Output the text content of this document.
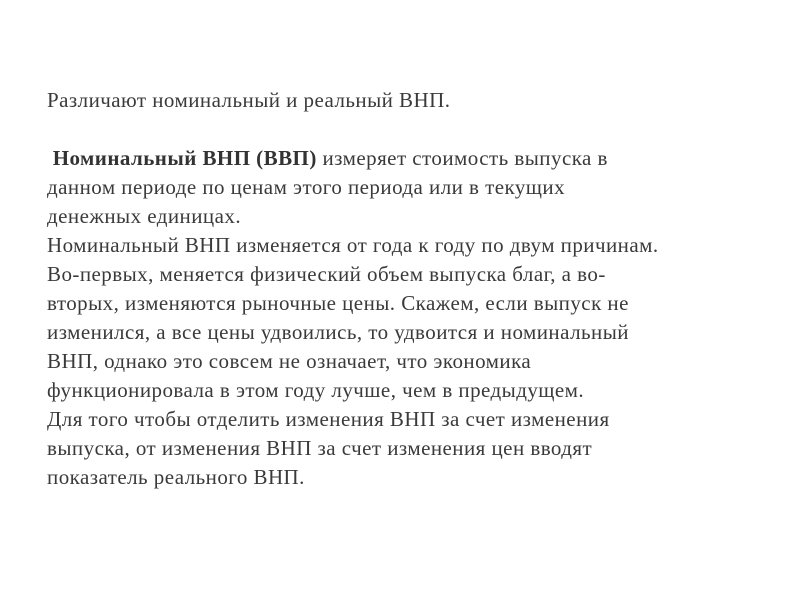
Различают номинальный и реальный ВНП.
Номинальный ВНП (ВВП) измеряет стоимость выпуска в
данном периоде по ценам этого периода или в текущих
денежных единицах.
Номинальный ВНП изменяется от года к году по двум причинам.
Во-первых, меняется физический объем выпуска благ, а во-
вторых, изменяются рыночные цены. Скажем, если выпуск не
изменился, а все цены удвоились, то удвоится и номинальный
ВНП, однако это совсем не означает, что экономика
функционировала в этом году лучше, чем в предыдущем.
Для того чтобы отделить изменения ВНП за счет изменения
выпуска, от изменения ВНП за счет изменения цен вводят
показатель реального ВНП.
